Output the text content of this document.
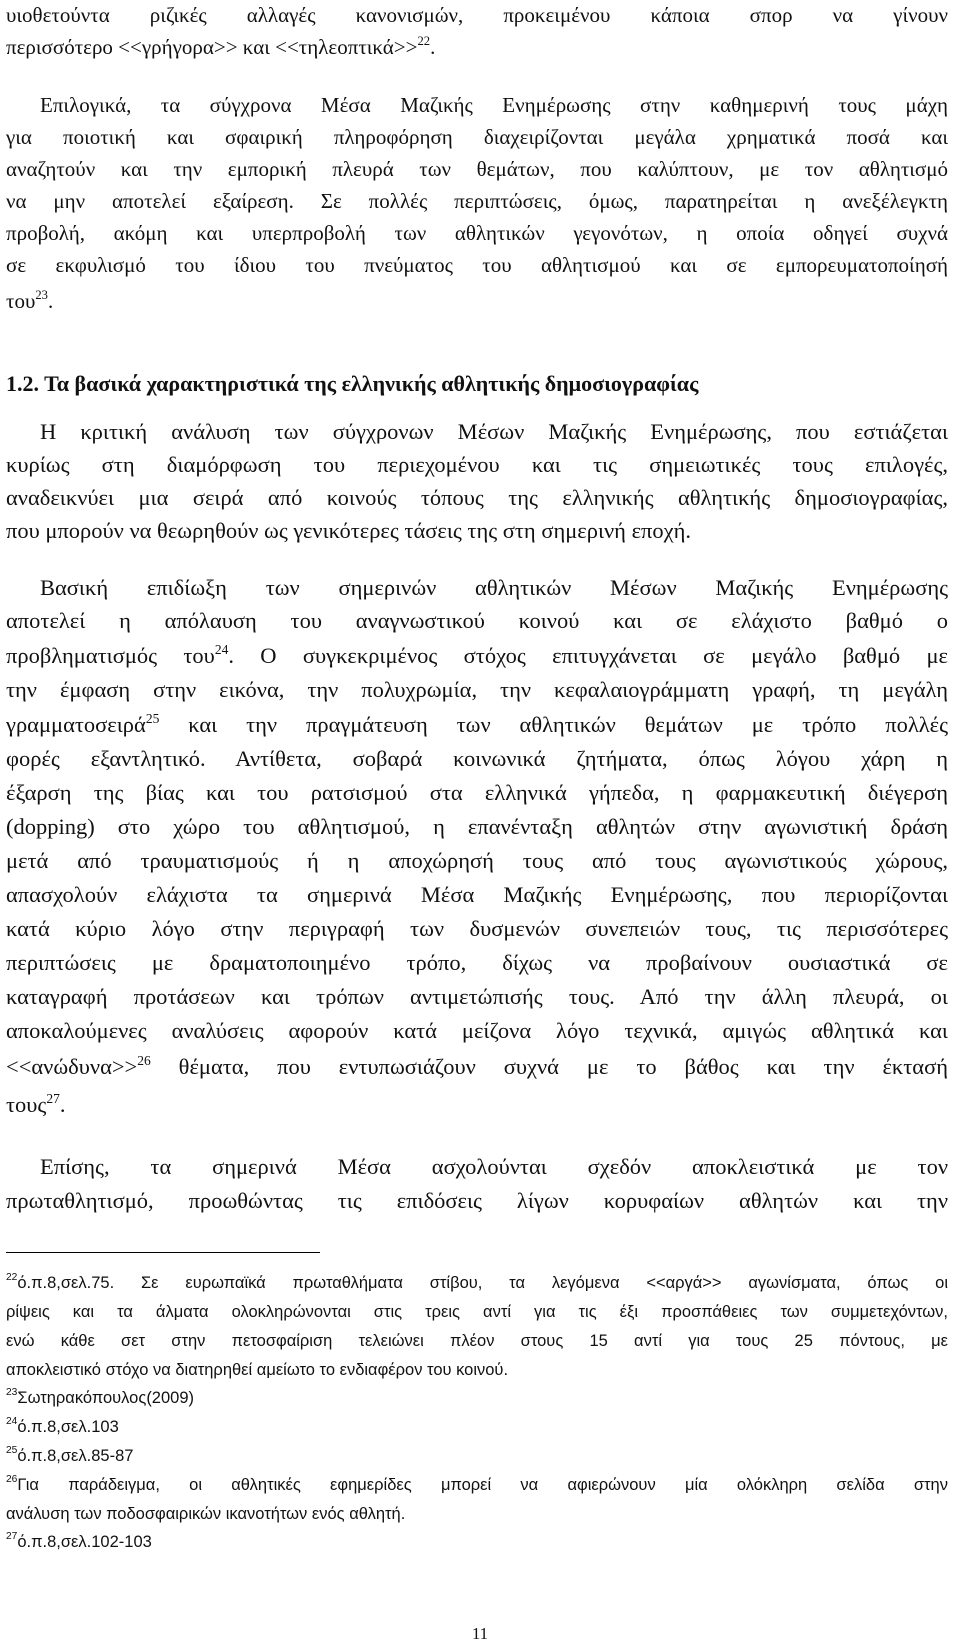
υιοθετούντα ριζικές αλλαγές κανονισμών, προκειμένου κάποια σπορ να γίνουν
περισσότερο <<γρήγορα>> και <<τηλεοπτικά>>$^{22}$.
Επιλογικά, τα σύγχρονα Μέσα Μαζικής Ενημέρωσης στην καθημερινή τους μάχη
για ποιοτική και σφαιρική πληροφόρηση διαχειρίζονται μεγάλα χρηματικά ποσά και
αναζητούν και την εμπορική πλευρά των θεμάτων, που καλύπτουν, με τον αθλητισμό
να μην αποτελεί εξαίρεση. Σε πολλές περιπτώσεις, όμως, παρατηρείται η ανεξέλεγκτη
προβολή, ακόμη και υπερπροβολή των αθλητικών γεγονότων, η οποία οδηγεί συχνά
σε εκφυλισμό του ίδιου του πνεύματος του αθλητισμού και σε εμπορευματοποίησή
του$^{23}$.
1.2. Τα βασικά χαρακτηριστικά της ελληνικής αθλητικής δημοσιογραφίας
Η κριτική ανάλυση των σύγχρονων Μέσων Μαζικής Ενημέρωσης, που εστιάζεται
κυρίως στη διαμόρφωση του περιεχομένου και τις σημειωτικές τους επιλογές,
αναδεικνύει μια σειρά από κοινούς τόπους της ελληνικής αθλητικής δημοσιογραφίας,
που μπορούν να θεωρηθούν ως γενικότερες τάσεις της στη σημερινή εποχή.
Βασική επιδίωξη των σημερινών αθλητικών Μέσων Μαζικής Ενημέρωσης
αποτελεί η απόλαυση του αναγνωστικού κοινού και σε ελάχιστο βαθμό ο
προβληματισμός του$^{24}$. Ο συγκεκριμένος στόχος επιτυγχάνεται σε μεγάλο βαθμό με
την έμφαση στην εικόνα, την πολυχρωμία, την κεφαλαιογράμματη γραφή, τη μεγάλη
γραμματοσειρά$^{25}$ και την πραγμάτευση των αθλητικών θεμάτων με τρόπο πολλές
φορές εξαντλητικό. Αντίθετα, σοβαρά κοινωνικά ζητήματα, όπως λόγου χάρη η
έξαρση της βίας και του ρατσισμού στα ελληνικά γήπεδα, η φαρμακευτική διέγερση
(dopping) στο χώρο του αθλητισμού, η επανένταξη αθλητών στην αγωνιστική δράση
μετά από τραυματισμούς ή η αποχώρησή τους από τους αγωνιστικούς χώρους,
απασχολούν ελάχιστα τα σημερινά Μέσα Μαζικής Ενημέρωσης, που περιορίζονται
κατά κύριο λόγο στην περιγραφή των δυσμενών συνεπειών τους, τις περισσότερες
περιπτώσεις με δραματοποιημένο τρόπο, δίχως να προβαίνουν ουσιαστικά σε
καταγραφή προτάσεων και τρόπων αντιμετώπισής τους. Από την άλλη πλευρά, οι
αποκαλούμενες αναλύσεις αφορούν κατά μείζονα λόγο τεχνικά, αμιγώς αθλητικά και
<<ανώδυνα>>$^{26}$ θέματα, που εντυπωσιάζουν συχνά με το βάθος και την έκτασή
τους$^{27}$.
Επίσης, τα σημερινά Μέσα ασχολούνται σχεδόν αποκλειστικά με τον
πρωταθλητισμό, προωθώντας τις επιδόσεις λίγων κορυφαίων αθλητών και την
$^{22}$ό.π.8,σελ.75. Σε ευρωπαϊκά πρωταθλήματα στίβου, τα λεγόμενα <<αργά>> αγωνίσματα, όπως οι
ρίψεις και τα άλματα ολοκληρώνονται στις τρεις αντί για τις έξι προσπάθειες των συμμετεχόντων,
ενώ κάθε σετ στην πετοσφαίριση τελειώνει πλέον στους 15 αντί για τους 25 πόντους, με
αποκλειστικό στόχο να διατηρηθεί αμείωτο το ενδιαφέρον του κοινού.
$^{23}$Σωτηρακόπουλος(2009)
$^{24}$ό.π.8,σελ.103
$^{25}$ό.π.8,σελ.85-87
$^{26}$Για παράδειγμα, οι αθλητικές εφημερίδες μπορεί να αφιερώνουν μία ολόκληρη σελίδα στην
ανάλυση των ποδοσφαιρικών ικανοτήτων ενός αθλητή.
$^{27}$ό.π.8,σελ.102-103
11
